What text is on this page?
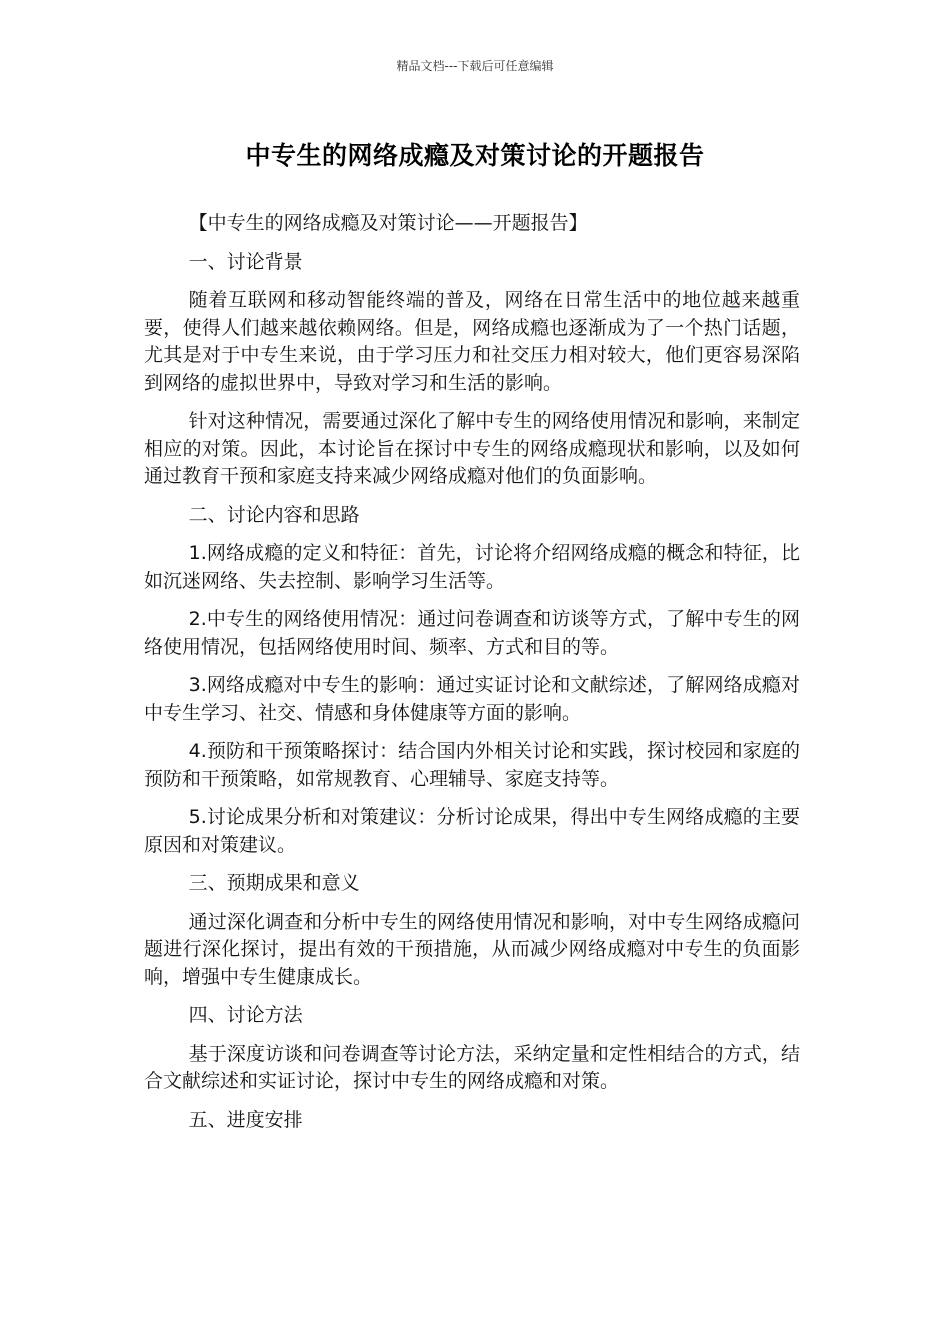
精品文档---下载后可任意编辑
中专生的网络成瘾及对策讨论的开题报告

【中专生的网络成瘾及对策讨论——开题报告】

一、讨论背景

随着互联网和移动智能终端的普及，网络在日常生活中的地位越来越重要，使得人们越来越依赖网络。但是，网络成瘾也逐渐成为了一个热门话题，尤其是对于中专生来说，由于学习压力和社交压力相对较大，他们更容易深陷到网络的虚拟世界中，导致对学习和生活的影响。

针对这种情况，需要通过深化了解中专生的网络使用情况和影响，来制定相应的对策。因此，本讨论旨在探讨中专生的网络成瘾现状和影响，以及如何通过教育干预和家庭支持来减少网络成瘾对他们的负面影响。

二、讨论内容和思路

1.网络成瘾的定义和特征：首先，讨论将介绍网络成瘾的概念和特征，比如沉迷网络、失去控制、影响学习生活等。

2.中专生的网络使用情况：通过问卷调查和访谈等方式，了解中专生的网络使用情况，包括网络使用时间、频率、方式和目的等。

3.网络成瘾对中专生的影响：通过实证讨论和文献综述，了解网络成瘾对中专生学习、社交、情感和身体健康等方面的影响。

4.预防和干预策略探讨：结合国内外相关讨论和实践，探讨校园和家庭的预防和干预策略，如常规教育、心理辅导、家庭支持等。

5.讨论成果分析和对策建议：分析讨论成果，得出中专生网络成瘾的主要原因和对策建议。

三、预期成果和意义

通过深化调查和分析中专生的网络使用情况和影响，对中专生网络成瘾问题进行深化探讨，提出有效的干预措施，从而减少网络成瘾对中专生的负面影响，增强中专生健康成长。

四、讨论方法

基于深度访谈和问卷调查等讨论方法，采纳定量和定性相结合的方式，结合文献综述和实证讨论，探讨中专生的网络成瘾和对策。

五、进度安排
